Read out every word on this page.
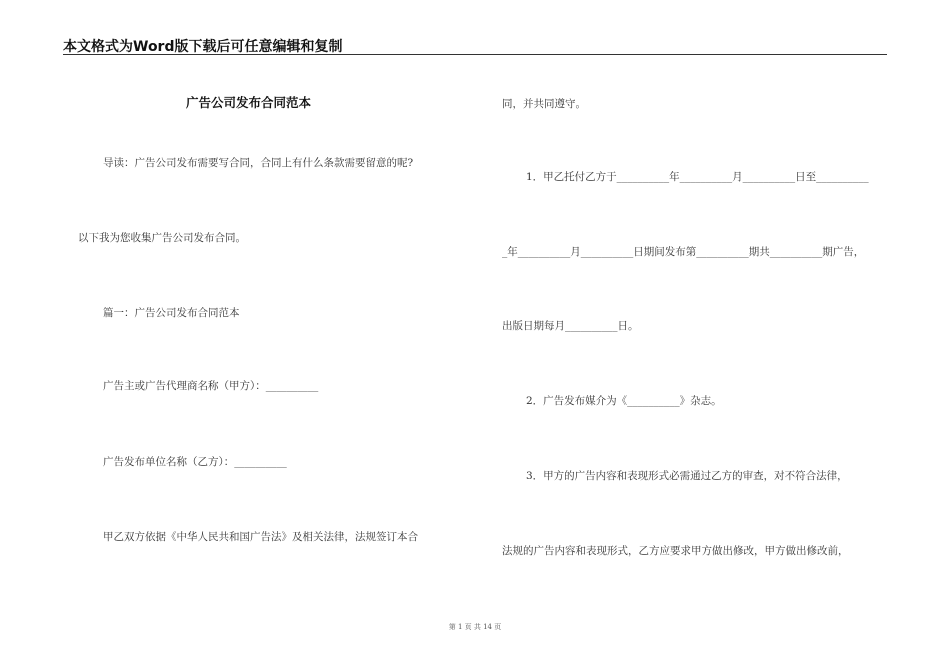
本文格式为Word版下载后可任意编辑和复制
广告公司发布合同范本
导读：广告公司发布需要写合同，合同上有什么条款需要留意的呢?
以下我为您收集广告公司发布合同。
篇一：广告公司发布合同范本
广告主或广告代理商名称（甲方）：__________
广告发布单位名称（乙方）：__________
甲乙双方依据《中华人民共和国广告法》及相关法律，法规签订本合
同，并共同遵守。
1．甲乙托付乙方于__________年__________月__________日至__________
_年__________月__________日期间发布第__________期共__________期广告，
出版日期每月__________日。
2．广告发布媒介为《__________》杂志。
3．甲方的广告内容和表现形式必需通过乙方的审查，对不符合法律，
法规的广告内容和表现形式，乙方应要求甲方做出修改，甲方做出修改前，
第 1 页 共 14 页
